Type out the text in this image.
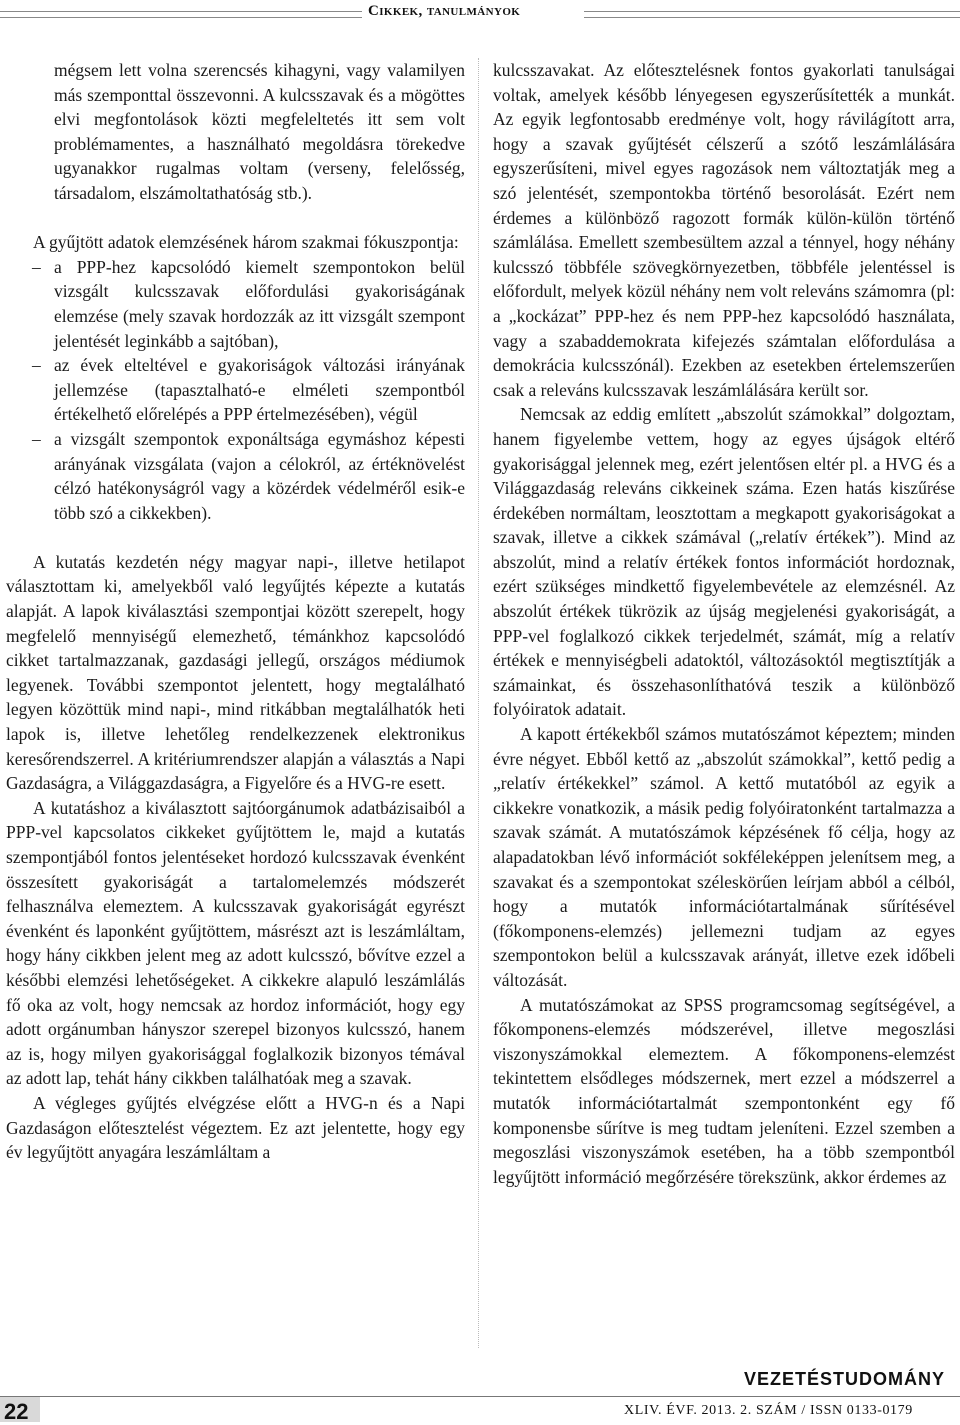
Cikkek, tanulmányok

mégsem lett volna szerencsés kihagyni, vagy valamilyen más szemponttal összevonni. A kulcsszavak és a mögöttes elvi megfontolások közti megfeleltetés itt sem volt problémamentes, a használható megoldásra törekedve ugyanakkor rugalmas voltam (verseny, felelősség, társadalom, elszámoltathatóság stb.).

A gyűjtött adatok elemzésének három szakmai fókuszpontja:

– a PPP-hez kapcsolódó kiemelt szempontokon belül vizsgált kulcsszavak előfordulási gyakoriságának elemzése (mely szavak hordozzák az itt vizsgált szempont jelentését leginkább a sajtóban),
– az évek elteltével e gyakoriságok változási irányának jellemzése (tapasztalható-e elméleti szempontból értékelhető előrelépés a PPP értelmezésében), végül
– a vizsgált szempontok exponáltsága egymáshoz képesti arányának vizsgálata (vajon a célokról, az értéknövelést célzó hatékonyságról vagy a közérdek védelméről esik-e több szó a cikkekben).

A kutatás kezdetén négy magyar napi-, illetve hetilapot választottam ki, amelyekből való legyűjtés képezte a kutatás alapját. A lapok kiválasztási szempontjai között szerepelt, hogy megfelelő mennyiségű elemezhető, témánkhoz kapcsolódó cikket tartalmazzanak, gazdasági jellegű, országos médiumok legyenek. További szempontot jelentett, hogy megtalálható legyen közöttük mind napi-, mind ritkábban megtalálhatók heti lapok is, illetve lehetőleg rendelkezzenek elektronikus keresőrendszerrel. A kritériumrendszer alapján a választás a Napi Gazdaságra, a Világgazdaságra, a Figyelőre és a HVG-re esett.

A kutatáshoz a kiválasztott sajtóorgánumok adatbázisaiból a PPP-vel kapcsolatos cikkeket gyűjtöttem le, majd a kutatás szempontjából fontos jelentéseket hordozó kulcsszavak évenként összesített gyakoriságát a tartalomelemzés módszerét felhasználva elemeztem. A kulcsszavak gyakoriságát egyrészt évenként és laponként gyűjtöttem, másrészt azt is leszámláltam, hogy hány cikkben jelent meg az adott kulcsszó, bővítve ezzel a későbbi elemzési lehetőségeket. A cikkekre alapuló leszámlálás fő oka az volt, hogy nemcsak az hordoz információt, hogy egy adott orgánumban hányszor szerepel bizonyos kulcsszó, hanem az is, hogy milyen gyakorisággal foglalkozik bizonyos témával az adott lap, tehát hány cikkben találhatóak meg a szavak.

A végleges gyűjtés elvégzése előtt a HVG-n és a Napi Gazdaságon előtesztelést végeztem. Ez azt jelentette, hogy egy év legyűjtött anyagára leszámláltam a

kulcsszavakat. Az előtesztelésnek fontos gyakorlati tanulságai voltak, amelyek később lényegesen egyszerűsítették a munkát. Az egyik legfontosabb eredménye volt, hogy rávilágított arra, hogy a szavak gyűjtését célszerű a szótő leszámlálására egyszerűsíteni, mivel egyes ragozások nem változtatják meg a szó jelentését, szempontokba történő besorolását. Ezért nem érdemes a különböző ragozott formák külön-külön történő számlálása. Emellett szembesültem azzal a ténnyel, hogy néhány kulcsszó többféle szövegkörnyezetben, többféle jelentéssel is előfordult, melyek közül néhány nem volt releváns számomra (pl: a „kockázat” PPP-hez és nem PPP-hez kapcsolódó használata, vagy a szabaddemokrata kifejezés számtalan előfordulása a demokrácia kulcsszónál). Ezekben az esetekben értelemszerűen csak a releváns kulcsszavak leszámlálására került sor.

Nemcsak az eddig említett „abszolút számokkal” dolgoztam, hanem figyelembe vettem, hogy az egyes újságok eltérő gyakorisággal jelennek meg, ezért jelentősen eltér pl. a HVG és a Világgazdaság releváns cikkeinek száma. Ezen hatás kiszűrése érdekében normáltam, leosztottam a megkapott gyakoriságokat a szavak, illetve a cikkek számával („relatív értékek”). Mind az abszolút, mind a relatív értékek fontos információt hordoznak, ezért szükséges mindkettő figyelembevétele az elemzésnél. Az abszolút értékek tükrözik az újság megjelenési gyakoriságát, a PPP-vel foglalkozó cikkek terjedelmét, számát, míg a relatív értékek e mennyiségbeli adatoktól, változásoktól megtisztítják a számainkat, és összehasonlíthatóvá teszik a különböző folyóiratok adatait.

A kapott értékekből számos mutatószámot képeztem; minden évre négyet. Ebből kettő az „abszolút számokkal”, kettő pedig a „relatív értékekkel” számol. A kettő mutatóból az egyik a cikkekre vonatkozik, a másik pedig folyóiratonként tartalmazza a szavak számát. A mutatószámok képzésének fő célja, hogy az alapadatokban lévő információt sokféleképpen jelenítsem meg, a szavakat és a szempontokat széleskörűen leírjam abból a célból, hogy a mutatók információtartalmának sűrítésével (főkomponens-elemzés) jellemezni tudjam az egyes szempontokon belül a kulcsszavak arányát, illetve ezek időbeli változását.

A mutatószámokat az SPSS programcsomag segítségével, a főkomponens-elemzés módszerével, illetve megoszlási viszonyszámokkal elemeztem. A főkomponens-elemzést tekintettem elsődleges módszernek, mert ezzel a módszerrel a mutatók információtartalmát szempontonként egy fő komponensbe sűrítve is meg tudtam jeleníteni. Ezzel szemben a megoszlási viszonyszámok esetében, ha a több szempontból legyűjtött információ megőrzésére törekszünk, akkor érdemes az

VEZETÉSTUDOMÁNY
22	XLIV. ÉVF. 2013. 2. SZÁM / ISSN 0133-0179
